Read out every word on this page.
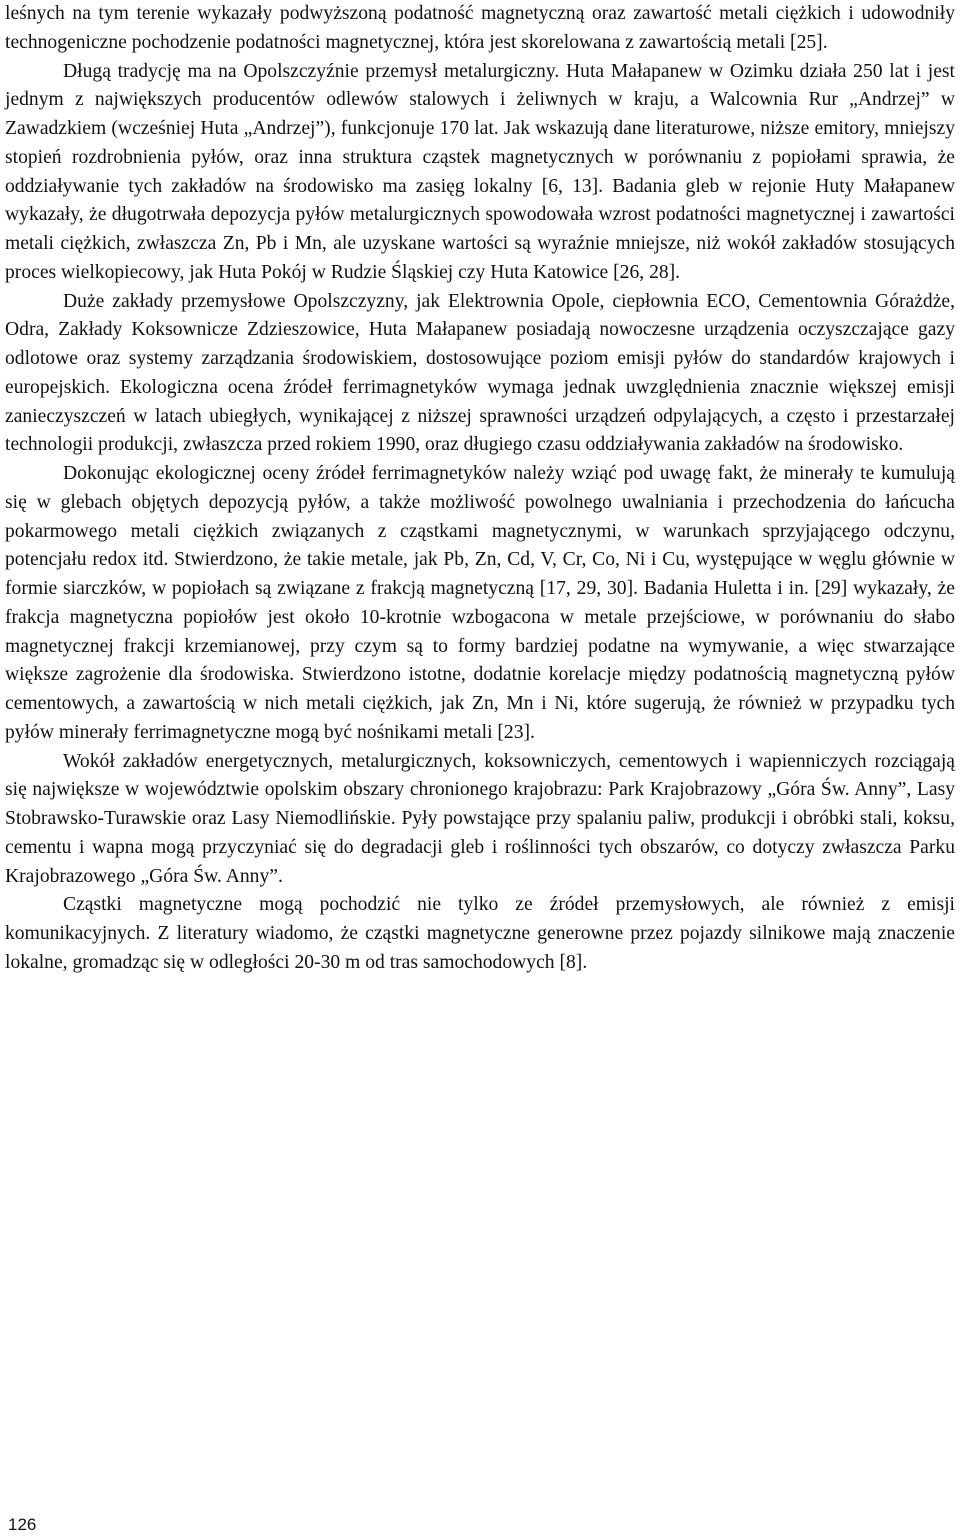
leśnych na tym terenie wykazały podwyższoną podatność magnetyczną oraz zawartość metali ciężkich i udowodniły technogeniczne pochodzenie podatności magnetycznej, która jest skorelowana z zawartością metali [25].

Długą tradycję ma na Opolszczyźnie przemysł metalurgiczny. Huta Małapanew w Ozimku działa 250 lat i jest jednym z największych producentów odlewów stalowych i żeliwnych w kraju, a Walcownia Rur „Andrzej” w Zawadzkiem (wcześniej Huta „Andrzej”), funkcjonuje 170 lat. Jak wskazują dane literaturowe, niższe emitory, mniejszy stopień rozdrobnienia pyłów, oraz inna struktura cząstek magnetycznych w porównaniu z popiołami sprawia, że oddziaływanie tych zakładów na środowisko ma zasięg lokalny [6, 13]. Badania gleb w rejonie Huty Małapanew wykazały, że długotrwała depozycja pyłów metalurgicznych spowodowała wzrost podatności magnetycznej i zawartości metali ciężkich, zwłaszcza Zn, Pb i Mn, ale uzyskane wartości są wyraźnie mniejsze, niż wokół zakładów stosujących proces wielkopiecowy, jak Huta Pokój w Rudzie Śląskiej czy Huta Katowice [26, 28].

Duże zakłady przemysłowe Opolszczyzny, jak Elektrownia Opole, ciepłownia ECO, Cementownia Górażdże, Odra, Zakłady Koksownicze Zdzieszowice, Huta Małapanew posiadają nowoczesne urządzenia oczyszczające gazy odlotowe oraz systemy zarządzania środowiskiem, dostosowujące poziom emisji pyłów do standardów krajowych i europejskich. Ekologiczna ocena źródeł ferrimagnetyków wymaga jednak uwzględnienia znacznie większej emisji zanieczyszczeń w latach ubiegłych, wynikającej z niższej sprawności urządzeń odpylających, a często i przestarzałej technologii produkcji, zwłaszcza przed rokiem 1990, oraz długiego czasu oddziaływania zakładów na środowisko.

Dokonując ekologicznej oceny źródeł ferrimagnetyków należy wziąć pod uwagę fakt, że minerały te kumulują się w glebach objętych depozycją pyłów, a także możliwość powolnego uwalniania i przechodzenia do łańcucha pokarmowego metali ciężkich związanych z cząstkami magnetycznymi, w warunkach sprzyjającego odczynu, potencjału redox itd. Stwierdzono, że takie metale, jak Pb, Zn, Cd, V, Cr, Co, Ni i Cu, występujące w węglu głównie w formie siarczków, w popiołach są związane z frakcją magnetyczną [17, 29, 30]. Badania Huletta i in. [29] wykazały, że frakcja magnetyczna popiołów jest około 10-krotnie wzbogacona w metale przejściowe, w porównaniu do słabo magnetycznej frakcji krzemianowej, przy czym są to formy bardziej podatne na wymywanie, a więc stwarzające większe zagrożenie dla środowiska. Stwierdzono istotne, dodatnie korelacje między podatnością magnetyczną pyłów cementowych, a zawartością w nich metali ciężkich, jak Zn, Mn i Ni, które sugerują, że również w przypadku tych pyłów minerały ferrimagnetyczne mogą być nośnikami metali [23].

Wokół zakładów energetycznych, metalurgicznych, koksowniczych, cementowych i wapienniczych rozciągają się największe w województwie opolskim obszary chronionego krajobrazu: Park Krajobrazowy „Góra Św. Anny”, Lasy Stobrawsko-Turawskie oraz Lasy Niemodlińskie. Pyły powstające przy spalaniu paliw, produkcji i obróbki stali, koksu, cementu i wapna mogą przyczyniać się do degradacji gleb i roślinności tych obszarów, co dotyczy zwłaszcza Parku Krajobrazowego „Góra Św. Anny”.

Cząstki magnetyczne mogą pochodzić nie tylko ze źródeł przemysłowych, ale również z emisji komunikacyjnych. Z literatury wiadomo, że cząstki magnetyczne generowne przez pojazdy silnikowe mają znaczenie lokalne, gromadząc się w odległości 20-30 m od tras samochodowych [8].

126
